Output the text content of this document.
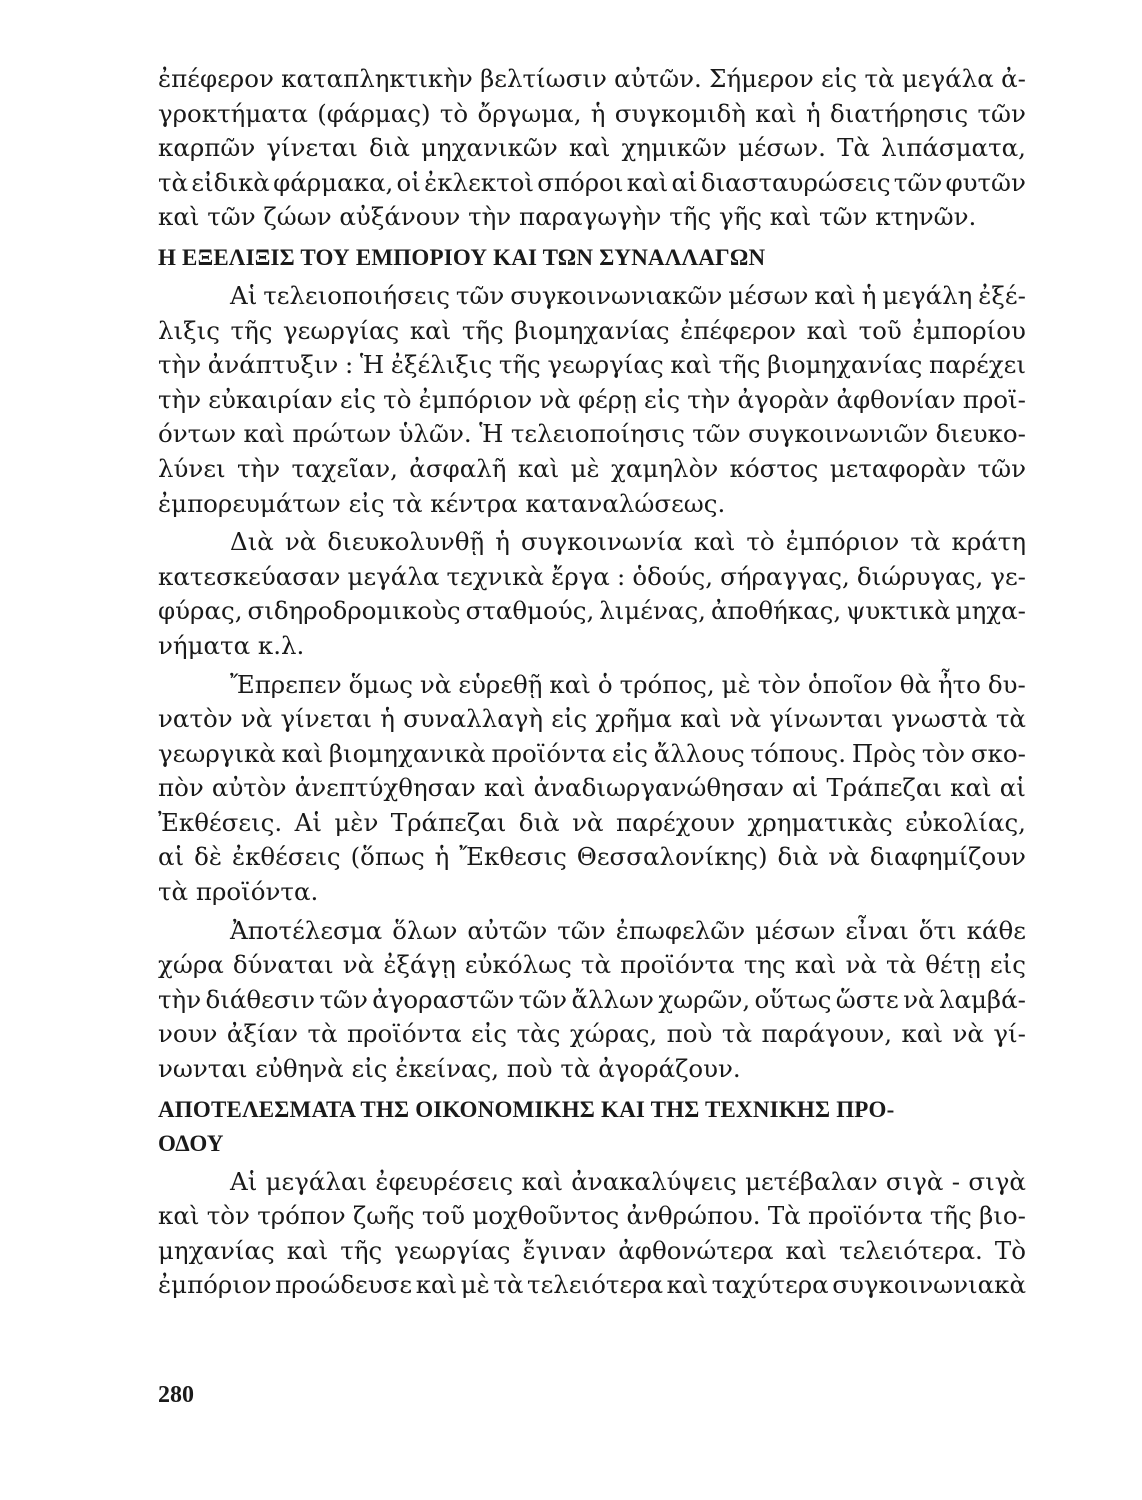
ἐπέφερον καταπληκτικὴν βελτίωσιν αὐτῶν. Σήμερον εἰς τὰ μεγάλα ἀ-
γροκτήματα (φάρμας) τὸ ὄργωμα, ἡ συγκομιδὴ καὶ ἡ διατήρησις τῶν
καρπῶν γίνεται διὰ μηχανικῶν καὶ χημικῶν μέσων. Τὰ λιπάσματα,
τὰ εἰδικὰ φάρμακα, οἱ ἐκλεκτοὶ σπόροι καὶ αἱ διασταυρώσεις τῶν φυτῶν
καὶ τῶν ζώων αὐξάνουν τὴν παραγωγὴν τῆς γῆς καὶ τῶν κτηνῶν.
Η ΕΞΕΛΙΞΙΣ ΤΟΥ ΕΜΠΟΡΙΟΥ ΚΑΙ ΤΩΝ ΣΥΝΑΛΛΑΓΩΝ
Αἱ τελειοποιήσεις τῶν συγκοινωνιακῶν μέσων καὶ ἡ μεγάλη ἐξέ-
λιξις τῆς γεωργίας καὶ τῆς βιομηχανίας ἐπέφερον καὶ τοῦ ἐμπορίου
τὴν ἀνάπτυξιν : Ἡ ἐξέλιξις τῆς γεωργίας καὶ τῆς βιομηχανίας παρέχει
τὴν εὐκαιρίαν εἰς τὸ ἐμπόριον νὰ φέρῃ εἰς τὴν ἀγορὰν ἀφθονίαν προϊ-
όντων καὶ πρώτων ὑλῶν. Ἡ τελειοποίησις τῶν συγκοινωνιῶν διευκο-
λύνει τὴν ταχεῖαν, ἀσφαλῆ καὶ μὲ χαμηλὸν κόστος μεταφορὰν τῶν
ἐμπορευμάτων εἰς τὰ κέντρα καταναλώσεως.
Διὰ νὰ διευκολυνθῇ ἡ συγκοινωνία καὶ τὸ ἐμπόριον τὰ κράτη
κατεσκεύασαν μεγάλα τεχνικὰ ἔργα : ὁδούς, σήραγγας, διώρυγας, γε-
φύρας, σιδηροδρομικοὺς σταθμούς, λιμένας, ἀποθήκας, ψυκτικὰ μηχα-
νήματα κ.λ.
Ἔπρεπεν ὅμως νὰ εὑρεθῇ καὶ ὁ τρόπος, μὲ τὸν ὁποῖον θὰ ἦτο δυ-
νατὸν νὰ γίνεται ἡ συναλλαγὴ εἰς χρῆμα καὶ νὰ γίνωνται γνωστὰ τὰ
γεωργικὰ καὶ βιομηχανικὰ προϊόντα εἰς ἄλλους τόπους. Πρὸς τὸν σκο-
πὸν αὐτὸν ἀνεπτύχθησαν καὶ ἀναδιωργανώθησαν αἱ Τράπεζαι καὶ αἱ
Ἐκθέσεις. Αἱ μὲν Τράπεζαι διὰ νὰ παρέχουν χρηματικὰς εὐκολίας,
αἱ δὲ ἐκθέσεις (ὅπως ἡ Ἔκθεσις Θεσσαλονίκης) διὰ νὰ διαφημίζουν
τὰ προϊόντα.
Ἀποτέλεσμα ὅλων αὐτῶν τῶν ἐπωφελῶν μέσων εἶναι ὅτι κάθε
χώρα δύναται νὰ ἐξάγῃ εὐκόλως τὰ προϊόντα της καὶ νὰ τὰ θέτῃ εἰς
τὴν διάθεσιν τῶν ἀγοραστῶν τῶν ἄλλων χωρῶν, οὕτως ὥστε νὰ λαμβά-
νουν ἀξίαν τὰ προϊόντα εἰς τὰς χώρας, ποὺ τὰ παράγουν, καὶ νὰ γί-
νωνται εὐθηνὰ εἰς ἐκείνας, ποὺ τὰ ἀγοράζουν.
ΑΠΟΤΕΛΕΣΜΑΤΑ ΤΗΣ ΟΙΚΟΝΟΜΙΚΗΣ ΚΑΙ ΤΗΣ ΤΕΧΝΙΚΗΣ ΠΡΟ-
ΟΔΟΥ
Αἱ μεγάλαι ἐφευρέσεις καὶ ἀνακαλύψεις μετέβαλαν σιγὰ - σιγὰ
καὶ τὸν τρόπον ζωῆς τοῦ μοχθοῦντος ἀνθρώπου. Τὰ προϊόντα τῆς βιο-
μηχανίας καὶ τῆς γεωργίας ἔγιναν ἀφθονώτερα καὶ τελειότερα. Τὸ
ἐμπόριον προώδευσε καὶ μὲ τὰ τελειότερα καὶ ταχύτερα συγκοινωνιακὰ
280
